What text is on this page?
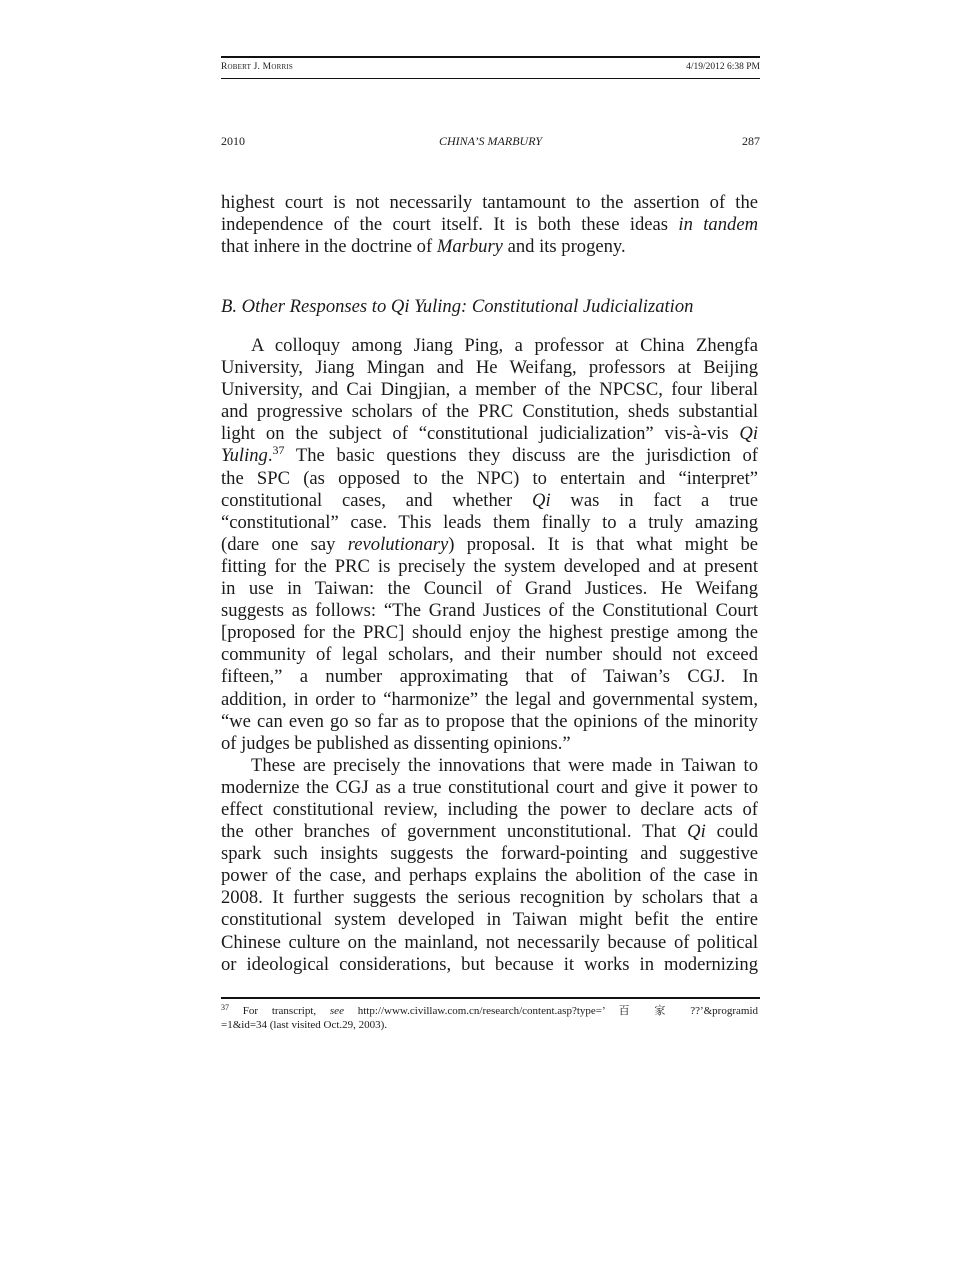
Robert J. Morris	4/19/2012 6:38 PM
2010	CHINA’S MARBURY	287
highest court is not necessarily tantamount to the assertion of the
independence of the court itself. It is both these ideas in tandem
that inhere in the doctrine of Marbury and its progeny.
B. Other Responses to Qi Yuling: Constitutional Judicialization
A colloquy among Jiang Ping, a professor at China Zhengfa
University, Jiang Mingan and He Weifang, professors at Beijing
University, and Cai Dingjian, a member of the NPCSC, four liberal
and progressive scholars of the PRC Constitution, sheds substantial
light on the subject of “constitutional judicialization” vis-à-vis Qi
Yuling.$^{37}$ The basic questions they discuss are the jurisdiction of
the SPC (as opposed to the NPC) to entertain and “interpret”
constitutional cases, and whether Qi was in fact a true
“constitutional” case. This leads them finally to a truly amazing
(dare one say revolutionary) proposal. It is that what might be
fitting for the PRC is precisely the system developed and at present
in use in Taiwan: the Council of Grand Justices. He Weifang
suggests as follows: “The Grand Justices of the Constitutional Court
[proposed for the PRC] should enjoy the highest prestige among the
community of legal scholars, and their number should not exceed
fifteen,” a number approximating that of Taiwan’s CGJ. In
addition, in order to “harmonize” the legal and governmental system,
“we can even go so far as to propose that the opinions of the minority
of judges be published as dissenting opinions.”
These are precisely the innovations that were made in Taiwan to
modernize the CGJ as a true constitutional court and give it power to
effect constitutional review, including the power to declare acts of
the other branches of government unconstitutional. That Qi could
spark such insights suggests the forward-pointing and suggestive
power of the case, and perhaps explains the abolition of the case in
2008. It further suggests the serious recognition by scholars that a
constitutional system developed in Taiwan might befit the entire
Chinese culture on the mainland, not necessarily because of political
or ideological considerations, but because it works in modernizing
$^{37}$ For transcript, see http://www.civillaw.com.cn/research/content.asp?type=’ 百 家 ??’&programid
=1&id=34 (last visited Oct.29, 2003).
